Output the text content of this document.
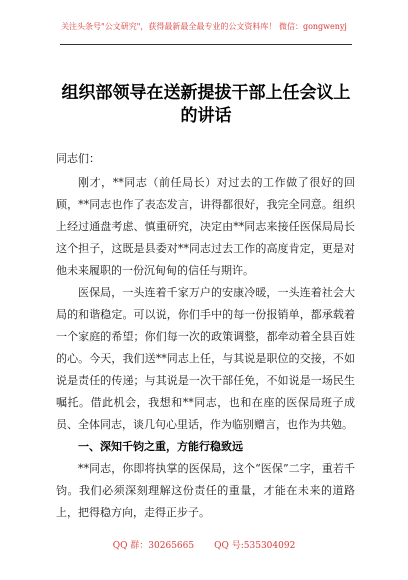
关注头条号"公文研究"，获得最新最全最专业的公文资料库！ 微信：gongwenyj
组织部领导在送新提拔干部上任会议上的讲话

同志们：

刚才，**同志（前任局长）对过去的工作做了很好的回顾，**同志也作了表态发言，讲得都很好，我完全同意。组织上经过通盘考虑、慎重研究，决定由**同志来接任医保局局长这个担子，这既是县委对**同志过去工作的高度肯定，更是对他未来履职的一份沉甸甸的信任与期许。

医保局，一头连着千家万户的安康冷暖，一头连着社会大局的和谐稳定。可以说，你们手中的每一份报销单，都承载着一个家庭的希望；你们每一次的政策调整，都牵动着全县百姓的心。今天，我们送**同志上任，与其说是职位的交接，不如说是责任的传递；与其说是一次干部任免，不如说是一场民生嘱托。借此机会，我想和**同志，也和在座的医保局班子成员、全体同志，谈几句心里话，作为临别赠言，也作为共勉。

一、深知千钧之重，方能行稳致远

**同志，你即将执掌的医保局，这个“医保”二字，重若千钧。我们必须深刻理解这份责任的重量，才能在未来的道路上，把得稳方向，走得正步子。

QQ 群：30265665 QQ 号:535304092
